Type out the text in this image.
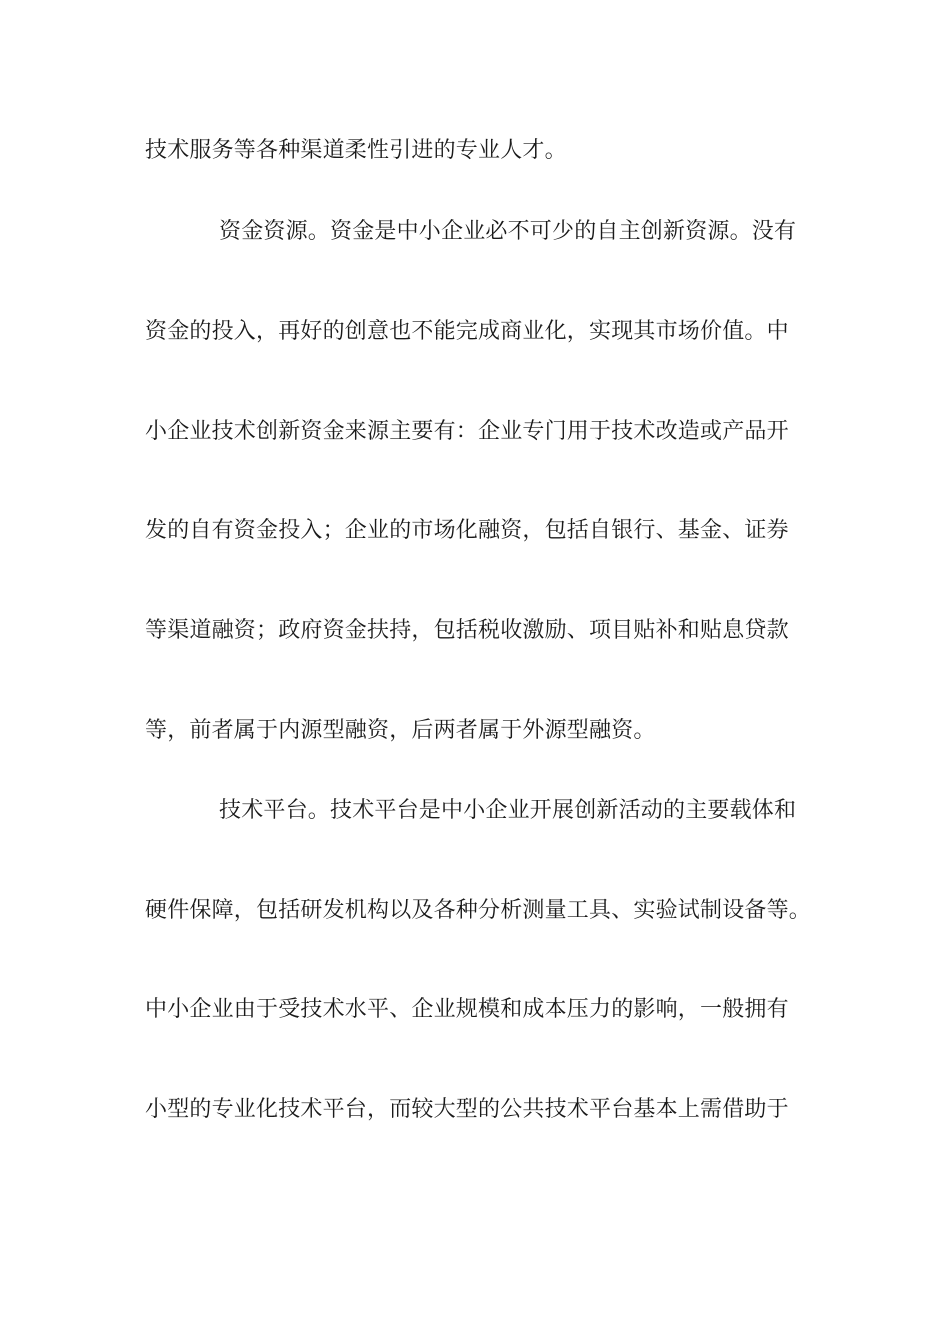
技术服务等各种渠道柔性引进的专业人才。
资金资源。资金是中小企业必不可少的自主创新资源。没有
资金的投入，再好的创意也不能完成商业化，实现其市场价值。中
小企业技术创新资金来源主要有：企业专门用于技术改造或产品开
发的自有资金投入；企业的市场化融资，包括自银行、基金、证券
等渠道融资；政府资金扶持，包括税收激励、项目贴补和贴息贷款
等，前者属于内源型融资，后两者属于外源型融资。
技术平台。技术平台是中小企业开展创新活动的主要载体和
硬件保障，包括研发机构以及各种分析测量工具、实验试制设备等。
中小企业由于受技术水平、企业规模和成本压力的影响，一般拥有
小型的专业化技术平台，而较大型的公共技术平台基本上需借助于
